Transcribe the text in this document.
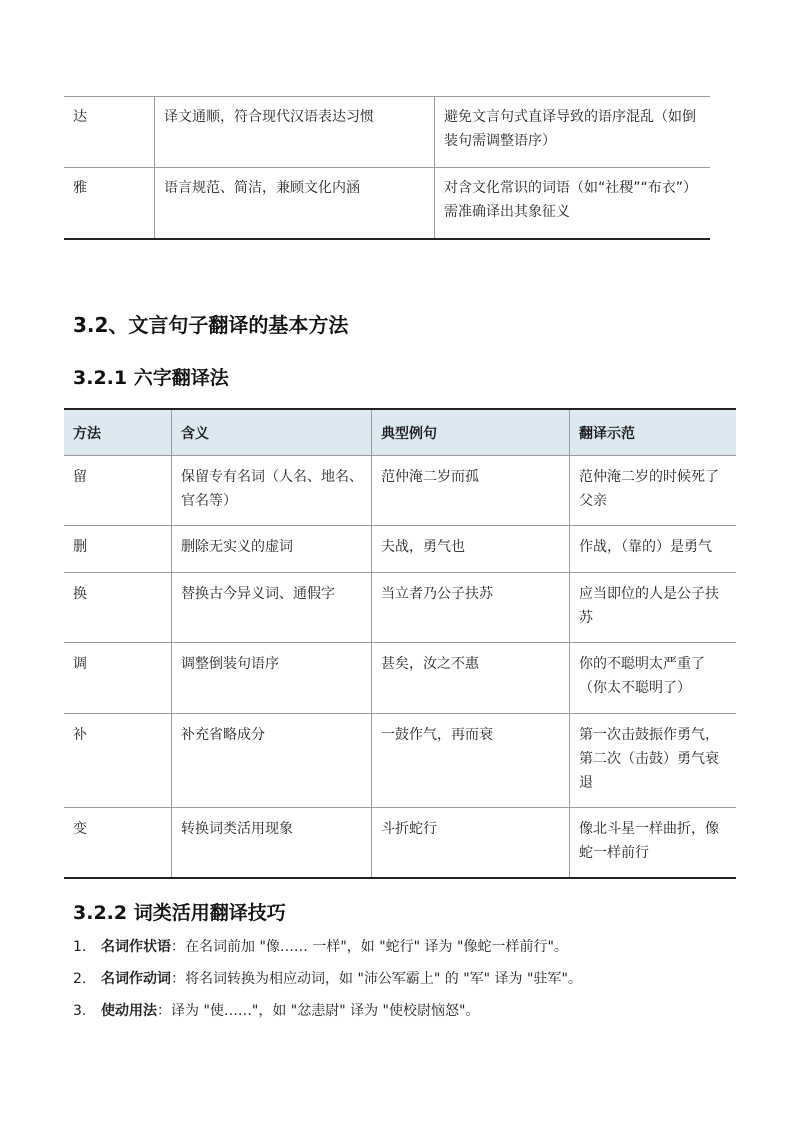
达	译文通顺，符合现代汉语表达习惯	避免文言句式直译导致的语序混乱（如倒装句需调整语序）
雅	语言规范、简洁，兼顾文化内涵	对含文化常识的词语（如“社稷”“布衣”）需准确译出其象征义
3.2、文言句子翻译的基本方法
3.2.1 六字翻译法
方法	含义	典型例句	翻译示范
留	保留专有名词（人名、地名、官名等）	范仲淹二岁而孤	范仲淹二岁的时候死了父亲
删	删除无实义的虚词	夫战，勇气也	作战，（靠的）是勇气
换	替换古今异义词、通假字	当立者乃公子扶苏	应当即位的人是公子扶苏
调	调整倒装句语序	甚矣，汝之不惠	你的不聪明太严重了（你太不聪明了）
补	补充省略成分	一鼓作气，再而衰	第一次击鼓振作勇气，第二次（击鼓）勇气衰退
变	转换词类活用现象	斗折蛇行	像北斗星一样曲折，像蛇一样前行
3.2.2 词类活用翻译技巧
1.	名词作状语：在名词前加 "像…… 一样"，如 "蛇行" 译为 "像蛇一样前行"。
2.	名词作动词：将名词转换为相应动词，如 "沛公军霸上" 的 "军" 译为 "驻军"。
3.	使动用法：译为 "使……"，如 "忿恚尉" 译为 "使校尉恼怒"。
